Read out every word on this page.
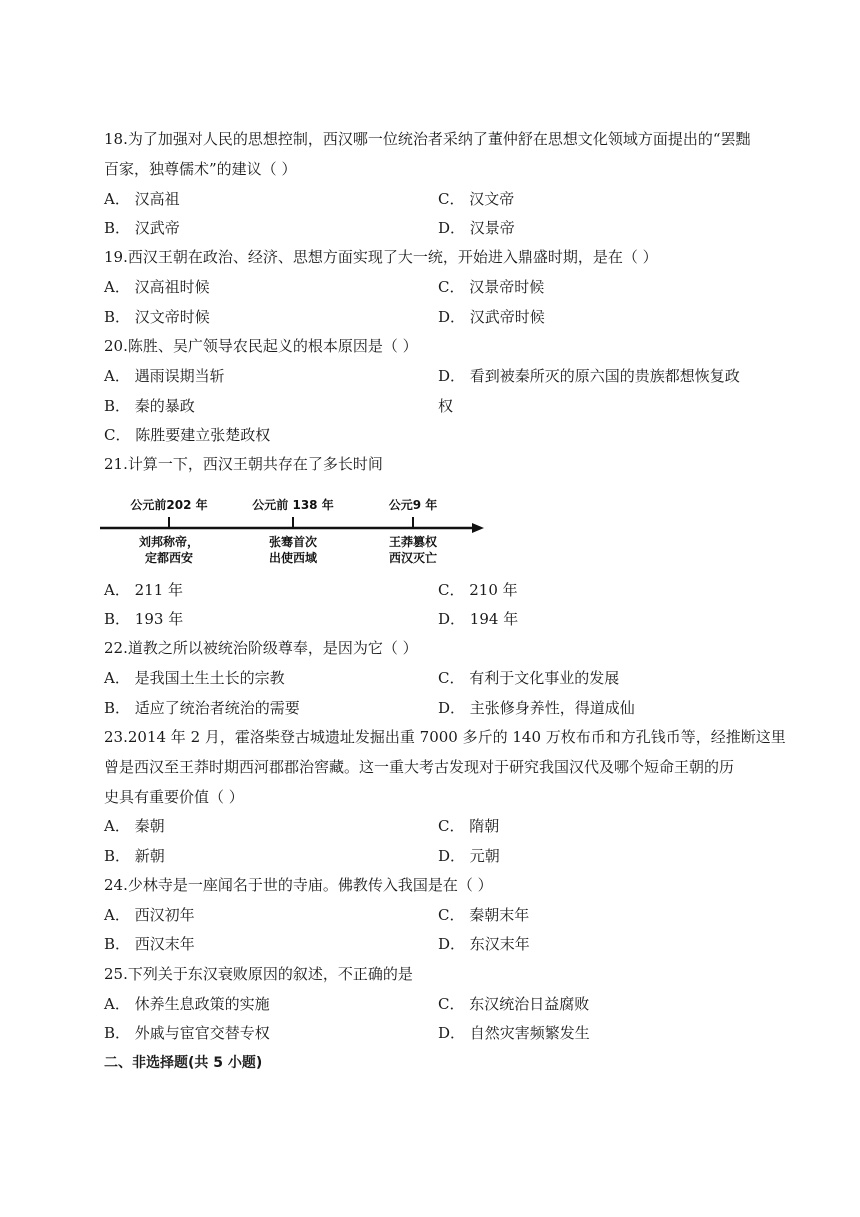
18.为了加强对人民的思想控制，西汉哪一位统治者采纳了董仲舒在思想文化领域方面提出的“罢黜
百家，独尊儒术”的建议（ ）
A． 汉高祖	C． 汉文帝
B． 汉武帝	D． 汉景帝
19.西汉王朝在政治、经济、思想方面实现了大一统，开始进入鼎盛时期，是在（ ）
A． 汉高祖时候	C． 汉景帝时候
B． 汉文帝时候	D． 汉武帝时候
20.陈胜、吴广领导农民起义的根本原因是（ ）
A． 遇雨误期当斩	D． 看到被秦所灭的原六国的贵族都想恢复政
B． 秦的暴政	权
C． 陈胜要建立张楚政权
21.计算一下，西汉王朝共存在了多长时间
公元前202 年	公元前 138 年	公元9 年
刘邦称帝，
定都西安
张骞首次
出使西域
王莽篡权
西汉灭亡
A． 211 年	C． 210 年
B． 193 年	D． 194 年
22.道教之所以被统治阶级尊奉，是因为它（ ）
A． 是我国土生土长的宗教	C． 有利于文化事业的发展
B． 适应了统治者统治的需要	D． 主张修身养性，得道成仙
23.2014 年 2 月，霍洛柴登古城遗址发掘出重 7000 多斤的 140 万枚布币和方孔钱币等，经推断这里
曾是西汉至王莽时期西河郡郡治窖藏。这一重大考古发现对于研究我国汉代及哪个短命王朝的历
史具有重要价值（ ）
A． 秦朝	C． 隋朝
B． 新朝	D． 元朝
24.少林寺是一座闻名于世的寺庙。佛教传入我国是在（ ）
A． 西汉初年	C． 秦朝末年
B． 西汉末年	D． 东汉末年
25.下列关于东汉衰败原因的叙述，不正确的是
A． 休养生息政策的实施	C． 东汉统治日益腐败
B． 外戚与宦官交替专权	D． 自然灾害频繁发生
二、非选择题(共 5 小题)
